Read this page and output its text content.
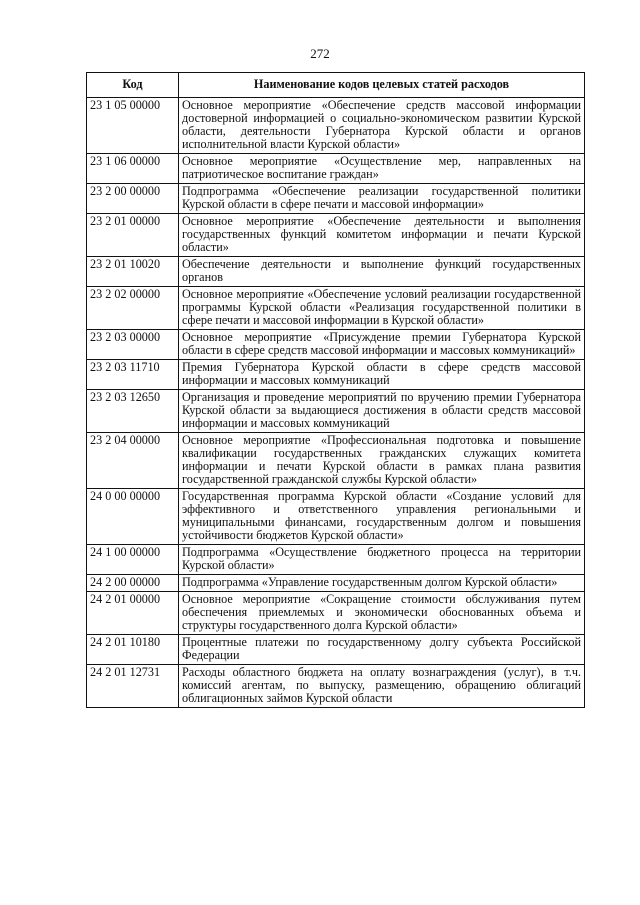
272
Код	Наименование кодов целевых статей расходов
23 1 05 00000	Основное мероприятие «Обеспечение средств массовой информации достоверной информацией о социально-экономическом развитии Курской области, деятельности Губернатора Курской области и органов исполнительной власти Курской области»
23 1 06 00000	Основное мероприятие «Осуществление мер, направленных на патриотическое воспитание граждан»
23 2 00 00000	Подпрограмма «Обеспечение реализации государственной политики Курской области в сфере печати и массовой информации»
23 2 01 00000	Основное мероприятие «Обеспечение деятельности и выполнения государственных функций комитетом информации и печати Курской области»
23 2 01 10020	Обеспечение деятельности и выполнение функций государственных органов
23 2 02 00000	Основное мероприятие «Обеспечение условий реализации государственной программы Курской области «Реализация государственной политики в сфере печати и массовой информации в Курской области»
23 2 03 00000	Основное мероприятие «Присуждение премии Губернатора Курской области в сфере средств массовой информации и массовых коммуникаций»
23 2 03 11710	Премия Губернатора Курской области в сфере средств массовой информации и массовых коммуникаций
23 2 03 12650	Организация и проведение мероприятий по вручению премии Губернатора Курской области за выдающиеся достижения в области средств массовой информации и массовых коммуникаций
23 2 04 00000	Основное мероприятие «Профессиональная подготовка и повышение квалификации государственных гражданских служащих комитета информации и печати Курской области в рамках плана развития государственной гражданской службы Курской области»
24 0 00 00000	Государственная программа Курской области «Создание условий для эффективного и ответственного управления региональными и муниципальными финансами, государственным долгом и повышения устойчивости бюджетов Курской области»
24 1 00 00000	Подпрограмма «Осуществление бюджетного процесса на территории Курской области»
24 2 00 00000	Подпрограмма «Управление государственным долгом Курской области»
24 2 01 00000	Основное мероприятие «Сокращение стоимости обслуживания путем обеспечения приемлемых и экономически обоснованных объема и структуры государственного долга Курской области»
24 2 01 10180	Процентные платежи по государственному долгу субъекта Российской Федерации
24 2 01 12731	Расходы областного бюджета на оплату вознаграждения (услуг), в т.ч. комиссий агентам, по выпуску, размещению, обращению облигаций облигационных займов Курской области
